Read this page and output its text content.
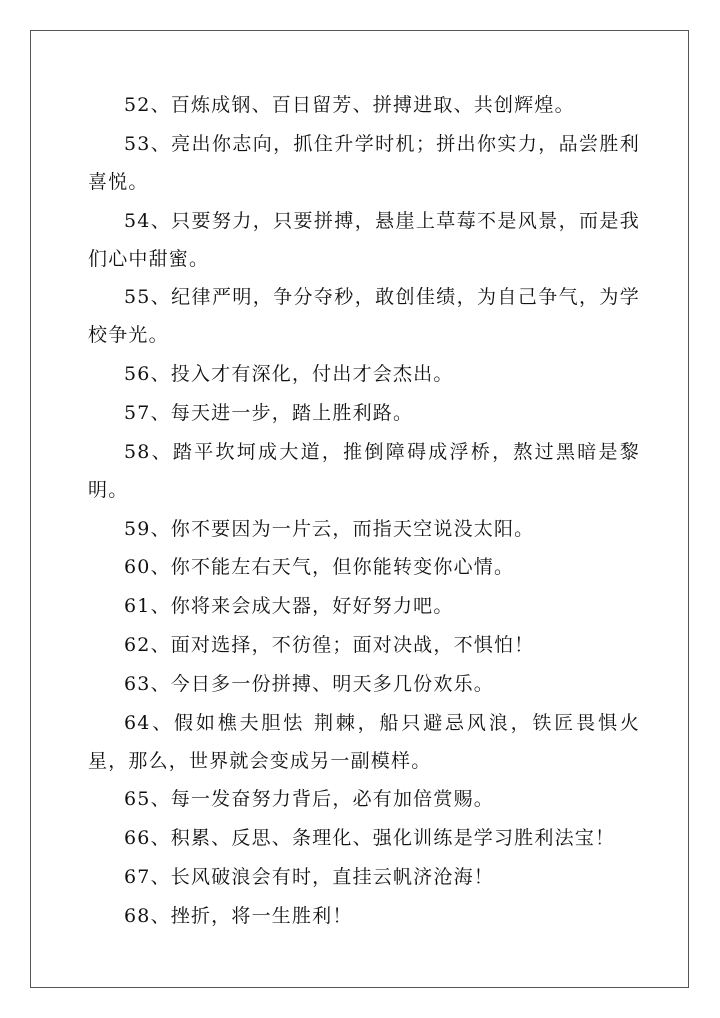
52、百炼成钢、百日留芳、拼搏进取、共创辉煌。

53、亮出你志向，抓住升学时机；拼出你实力，品尝胜利喜悦。

54、只要努力，只要拼搏，悬崖上草莓不是风景，而是我们心中甜蜜。

55、纪律严明，争分夺秒，敢创佳绩，为自己争气，为学校争光。

56、投入才有深化，付出才会杰出。

57、每天进一步，踏上胜利路。

58、踏平坎坷成大道，推倒障碍成浮桥，熬过黑暗是黎明。

59、你不要因为一片云，而指天空说没太阳。

60、你不能左右天气，但你能转变你心情。

61、你将来会成大器，好好努力吧。

62、面对选择，不彷徨；面对决战，不惧怕！

63、今日多一份拼搏、明天多几份欢乐。

64、假如樵夫胆怯 荆棘，船只避忌风浪，铁匠畏惧火星，那么，世界就会变成另一副模样。

65、每一发奋努力背后，必有加倍赏赐。

66、积累、反思、条理化、强化训练是学习胜利法宝！

67、长风破浪会有时，直挂云帆济沧海！

68、挫折，将一生胜利！
